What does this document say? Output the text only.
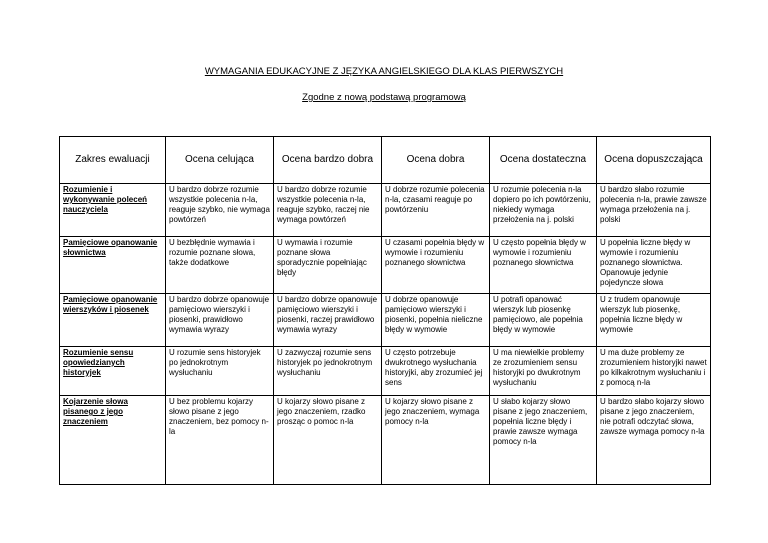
WYMAGANIA EDUKACYJNE Z JĘZYKA ANGIELSKIEGO DLA KLAS PIERWSZYCH
Zgodne z nową podstawą programową
Zakres ewaluacji	Ocena celująca	Ocena bardzo dobra	Ocena dobra	Ocena dostateczna	Ocena dopuszczająca
Rozumienie i wykonywanie poleceń nauczyciela	U bardzo dobrze rozumie wszystkie polecenia n-la, reaguje szybko, nie wymaga powtórzeń	U bardzo dobrze rozumie wszystkie polecenia n-la, reaguje szybko, raczej nie wymaga powtórzeń	U dobrze rozumie polecenia n-la, czasami reaguje po powtórzeniu	U rozumie polecenia n-la dopiero po ich powtórzeniu, niekiedy wymaga przełożenia na j. polski	U bardzo słabo rozumie polecenia n-la, prawie zawsze wymaga przełożenia na j. polski
Pamięciowe opanowanie słownictwa	U bezbłędnie wymawia i rozumie poznane słowa, także dodatkowe	U wymawia i rozumie poznane słowa sporadycznie popełniając błędy	U czasami popełnia błędy w wymowie i rozumieniu poznanego słownictwa	U często popełnia błędy w wymowie i rozumieniu poznanego słownictwa	U popełnia liczne błędy w wymowie i rozumieniu poznanego słownictwa. Opanowuje jedynie pojedyncze słowa
Pamięciowe opanowanie wierszyków i piosenek	U bardzo dobrze opanowuje pamięciowo wierszyki i piosenki, prawidłowo wymawia wyrazy	U bardzo dobrze opanowuje pamięciowo wierszyki i piosenki, raczej prawidłowo wymawia wyrazy	U dobrze opanowuje pamięciowo wierszyki i piosenki, popełnia nieliczne błędy w wymowie	U potrafi opanować wierszyk lub piosenkę pamięciowo, ale popełnia błędy w wymowie	U z trudem opanowuje wierszyk lub piosenkę, popełnia liczne błędy w wymowie
Rozumienie sensu opowiedzianych historyjek	U rozumie sens historyjek po jednokrotnym wysłuchaniu	U zazwyczaj rozumie sens historyjek po jednokrotnym wysłuchaniu	U często potrzebuje dwukrotnego wysłuchania historyjki, aby zrozumieć jej sens	U ma niewielkie problemy ze zrozumieniem sensu historyjki po dwukrotnym wysłuchaniu	U ma duże problemy ze zrozumieniem historyjki nawet po kilkakrotnym wysłuchaniu i z pomocą n-la
Kojarzenie słowa pisanego z jego znaczeniem	U bez problemu kojarzy słowo pisane z jego znaczeniem, bez pomocy n-la	U kojarzy słowo pisane z jego znaczeniem, rzadko prosząc o pomoc n-la	U kojarzy słowo pisane z jego znaczeniem, wymaga pomocy n-la	U słabo kojarzy słowo pisane z jego znaczeniem, popełnia liczne błędy i prawie zawsze wymaga pomocy n-la	U bardzo słabo kojarzy słowo pisane z jego znaczeniem, nie potrafi odczytać słowa, zawsze wymaga pomocy n-la
